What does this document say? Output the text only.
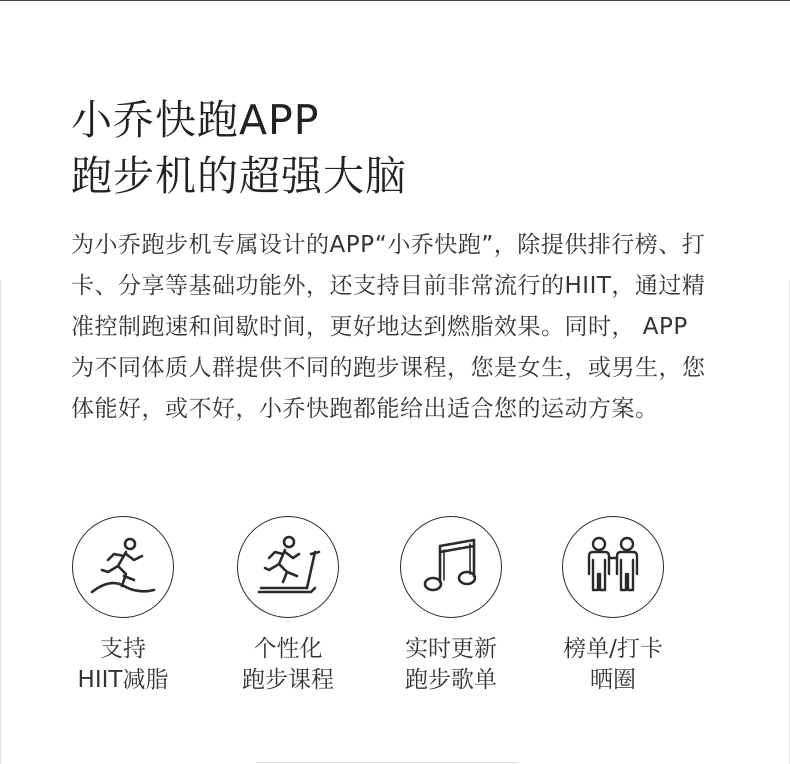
小乔快跑APP
跑步机的超强大脑

为小乔跑步机专属设计的APP“小乔快跑”，除提供排行榜、打卡、分享等基础功能外，还支持目前非常流行的HIIT，通过精准控制跑速和间歇时间，更好地达到燃脂效果。同时， APP为不同体质人群提供不同的跑步课程，您是女生，或男生，您体能好，或不好，小乔快跑都能给出适合您的运动方案。

支持
HIIT减脂
个性化
跑步课程
实时更新
跑步歌单
榜单/打卡
晒圈
